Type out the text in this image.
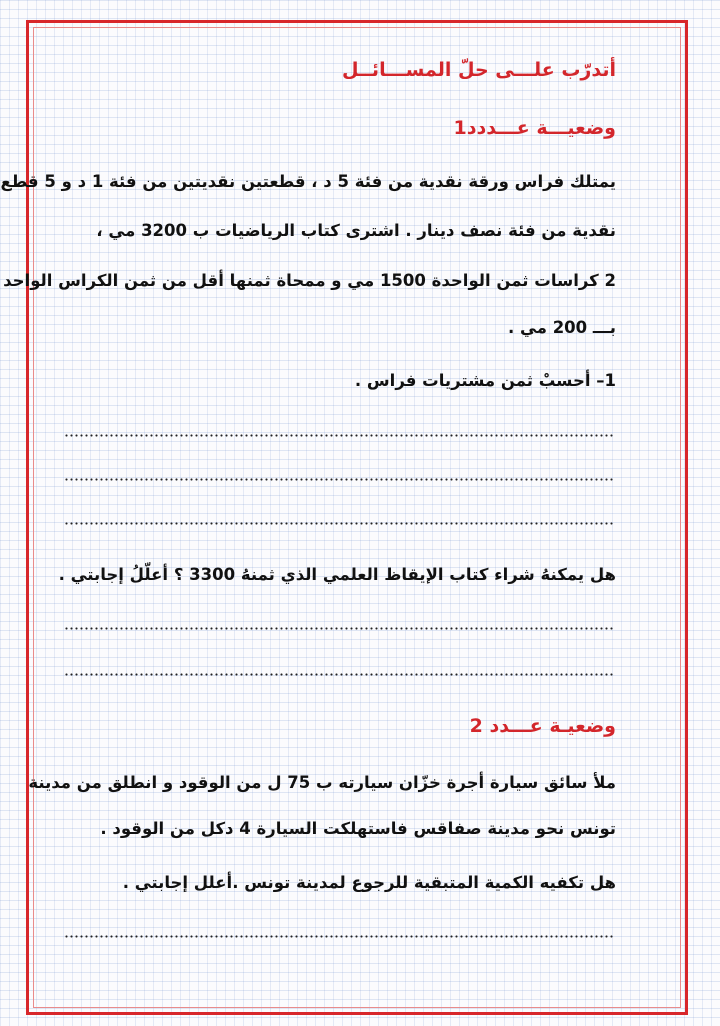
أتدرّب علـــى حلّ المســـائــل
وضعيـــة عـــددد1
يمتلك فراس ورقة نقدية من فئة 5 د ، قطعتين نقديتين من فئة 1 د و 5 قطع
نقدية من فئة نصف دينار . اشترى كتاب الرياضيات ب 3200 مي ،
2 كراسات ثمن الواحدة 1500 مي و ممحاة ثمنها أقل من ثمن الكراس الواحد
بـــ 200 مي .
1– أحسبْ ثمن مشتريات فراس .
هل يمكنهُ شراء كتاب الإيقاظ العلمي الذي ثمنهُ 3300 ؟ أعلّلُ إجابتي .
وضعيـة عـــدد 2
ملأ سائق سيارة أجرة خزّان سيارته ب 75 ل من الوقود و انطلق من مدينة
تونس نحو مدينة صفاقس فاستهلكت السيارة 4 دكل من الوقود .
هل تكفيه الكمية المتبقية للرجوع لمدينة تونس .أعلل إجابتي .
